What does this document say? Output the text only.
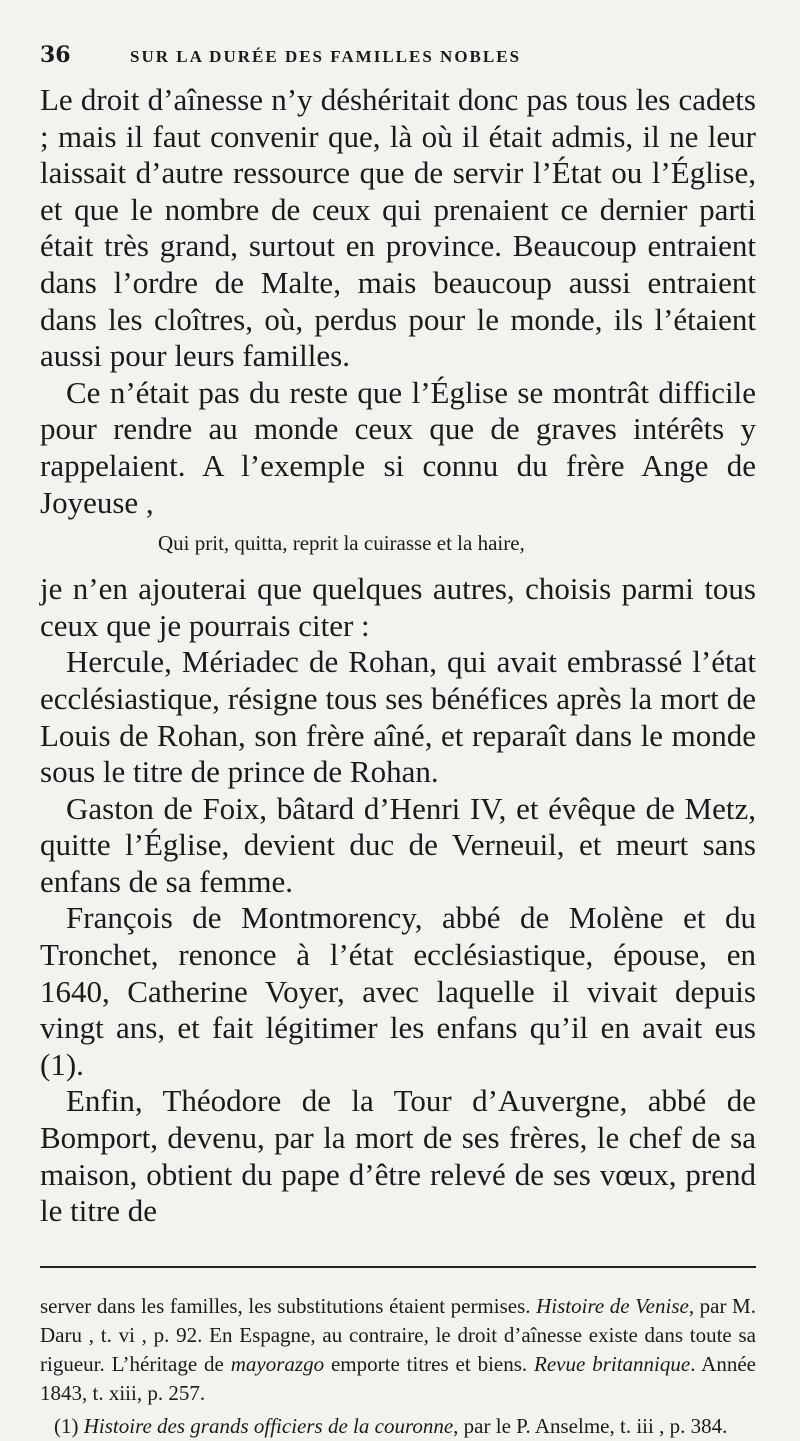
36	SUR LA DURÉE DES FAMILLES NOBLES

Le droit d’aînesse n’y déshéritait donc pas tous les cadets ; mais il faut convenir que, là où il était admis, il ne leur laissait d’autre ressource que de servir l’État ou l’Église, et que le nombre de ceux qui prenaient ce dernier parti était très grand, surtout en province. Beaucoup entraient dans l’ordre de Malte, mais beaucoup aussi entraient dans les cloîtres, où, perdus pour le monde, ils l’étaient aussi pour leurs familles.

Ce n’était pas du reste que l’Église se montrât difficile pour rendre au monde ceux que de graves intérêts y rappelaient. A l’exemple si connu du frère Ange de Joyeuse ,

Qui prit, quitta, reprit la cuirasse et la haire,

je n’en ajouterai que quelques autres, choisis parmi tous ceux que je pourrais citer :

Hercule, Mériadec de Rohan, qui avait embrassé l’état ecclésiastique, résigne tous ses bénéfices après la mort de Louis de Rohan, son frère aîné, et reparaît dans le monde sous le titre de prince de Rohan.

Gaston de Foix, bâtard d’Henri IV, et évêque de Metz, quitte l’Église, devient duc de Verneuil, et meurt sans enfans de sa femme.

François de Montmorency, abbé de Molène et du Tronchet, renonce à l’état ecclésiastique, épouse, en 1640, Catherine Voyer, avec laquelle il vivait depuis vingt ans, et fait légitimer les enfans qu’il en avait eus (1).

Enfin, Théodore de la Tour d’Auvergne, abbé de Bomport, devenu, par la mort de ses frères, le chef de sa maison, obtient du pape d’être relevé de ses vœux, prend le titre de

server dans les familles, les substitutions étaient permises. Histoire de Venise, par M. Daru , t. vi , p. 92. En Espagne, au contraire, le droit d’aînesse existe dans toute sa rigueur. L’héritage de mayorazgo emporte titres et biens. Revue britannique. Année 1843, t. xiii, p. 257.

(1) Histoire des grands officiers de la couronne, par le P. Anselme, t. iii , p. 384.
